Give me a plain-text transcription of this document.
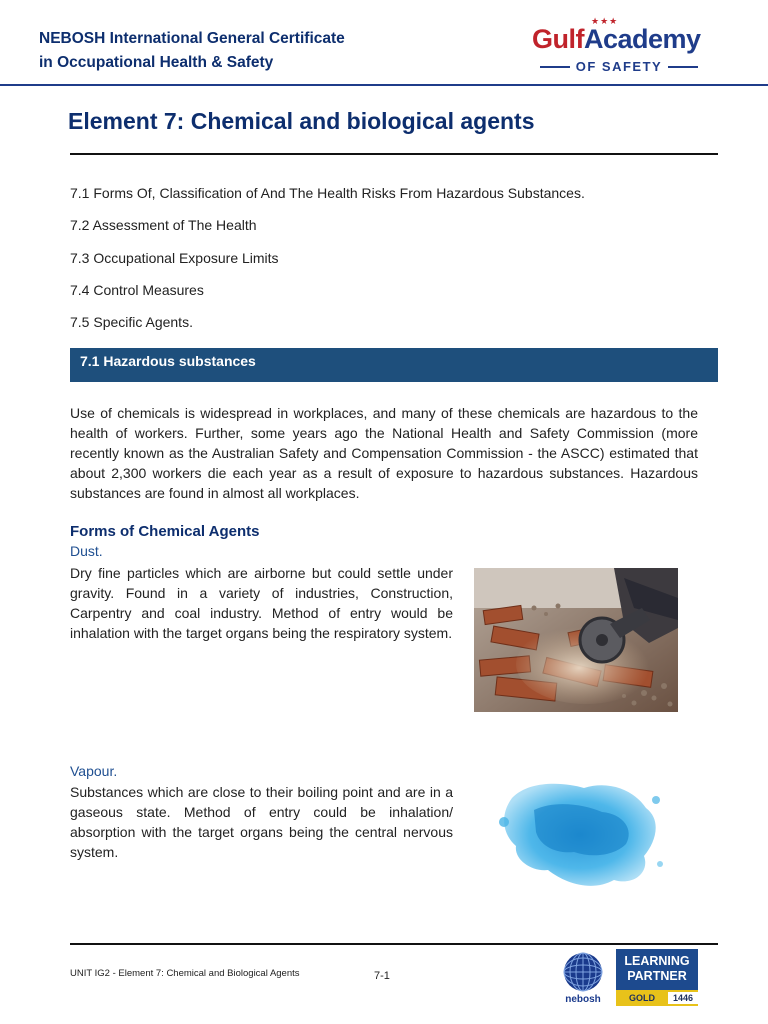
NEBOSH International General Certificate
in Occupational Health & Safety
★★★
GulfAcademy
OF SAFETY
Element 7: Chemical and biological agents
7.1 Forms Of, Classification of And The Health Risks From Hazardous Substances.
7.2 Assessment of The Health
7.3 Occupational Exposure Limits
7.4 Control Measures
7.5 Specific Agents.
7.1 Hazardous substances

Use of chemicals is widespread in workplaces, and many of these chemicals are hazardous to the health of workers. Further, some years ago the National Health and Safety Commission (more recently known as the Australian Safety and Compensation Commission - the ASCC) estimated that about 2,300 workers die each year as a result of exposure to hazardous substances. Hazardous substances are found in almost all workplaces.

Forms of Chemical Agents
Dust.

Dry fine particles which are airborne but could settle under gravity. Found in a variety of industries, Construction, Carpentry and coal industry. Method of entry would be inhalation with the target organs being the respiratory system.

Vapour.

Substances which are close to their boiling point and are in a gaseous state. Method of entry could be inhalation/ absorption with the target organs being the central nervous system.

UNIT IG2 - Element 7: Chemical and Biological Agents	7-1
nebosh
LEARNING
PARTNER
GOLD	1446
